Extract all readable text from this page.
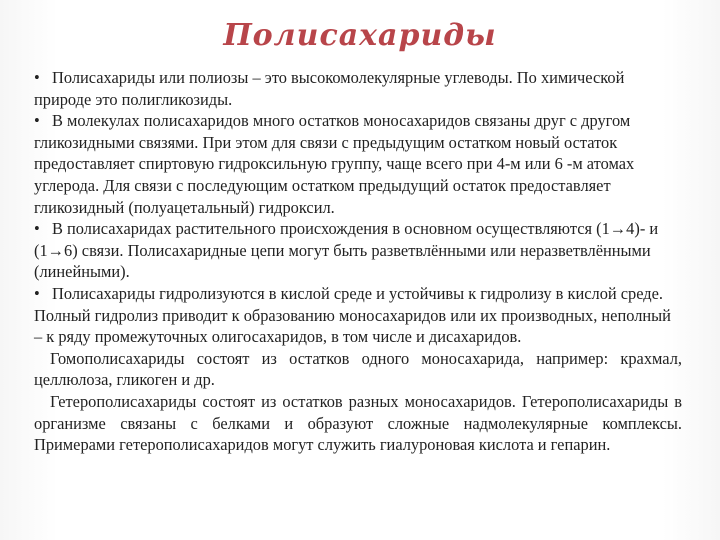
Полисахариды

• Полисахариды или полиозы – это высокомолекулярные углеводы. По химической природе это полигликозиды.

• В молекулах полисахаридов много остатков моносахаридов связаны друг с другом гликозидными связями. При этом для связи с предыдущим остатком новый остаток предоставляет спиртовую гидроксильную группу, чаще всего при 4-м или 6 -м атомах углерода. Для связи с последующим остатком предыдущий остаток предоставляет гликозидный (полуацетальный) гидроксил.

• В полисахаридах растительного происхождения в основном осуществляются (1→4)- и (1→6) связи. Полисахаридные цепи могут быть разветвлёнными или неразветвлёнными (линейными).

• Полисахариды гидролизуются в кислой среде и устойчивы к гидролизу в кислой среде. Полный гидролиз приводит к образованию моносахаридов или их производных, неполный – к ряду промежуточных олигосахаридов, в том числе и дисахаридов.

Гомополисахариды состоят из остатков одного моносахарида, например: крахмал, целлюлоза, гликоген и др.

Гетерополисахариды состоят из остатков разных моносахаридов. Гетерополисахариды в организме связаны с белками и образуют сложные надмолекулярные комплексы. Примерами гетерополисахаридов могут служить гиалуроновая кислота и гепарин.
